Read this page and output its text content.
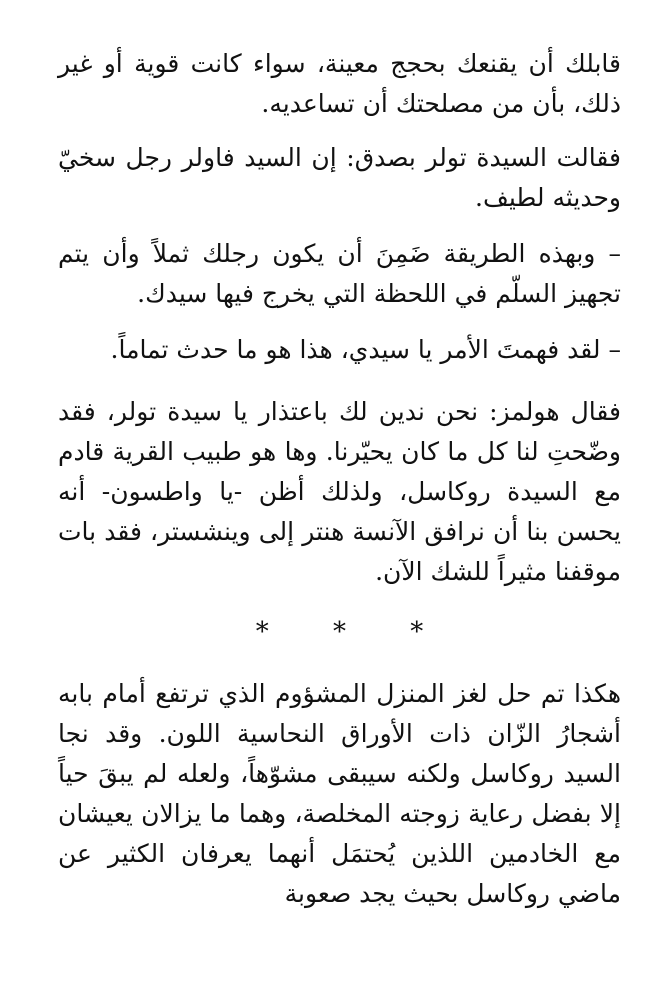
قابلك أن يقنعك بحجج معينة، سواء كانت قوية أو غير ذلك، بأن من مصلحتك أن تساعديه.

فقالت السيدة تولر بصدق: إن السيد فاولر رجل سخيّ وحديثه لطيف.

– وبهذه الطريقة ضَمِنَ أن يكون رجلك ثملاً وأن يتم تجهيز السلّم في اللحظة التي يخرج فيها سيدك.

– لقد فهمتَ الأمر يا سيدي، هذا هو ما حدث تماماً.

فقال هولمز: نحن ندين لك باعتذار يا سيدة تولر، فقد وضّحتِ لنا كل ما كان يحيّرنا. وها هو طبيب القرية قادم مع السيدة روكاسل، ولذلك أظن -يا واطسون- أنه يحسن بنا أن نرافق الآنسة هنتر إلى وينشستر، فقد بات موقفنا مثيراً للشك الآن.

* * *

هكذا تم حل لغز المنزل المشؤوم الذي ترتفع أمام بابه أشجارُ الزّان ذات الأوراق النحاسية اللون. وقد نجا السيد روكاسل ولكنه سيبقى مشوّهاً، ولعله لم يبقَ حياً إلا بفضل رعاية زوجته المخلصة، وهما ما يزالان يعيشان مع الخادمين اللذين يُحتمَل أنهما يعرفان الكثير عن ماضي روكاسل بحيث يجد صعوبة
